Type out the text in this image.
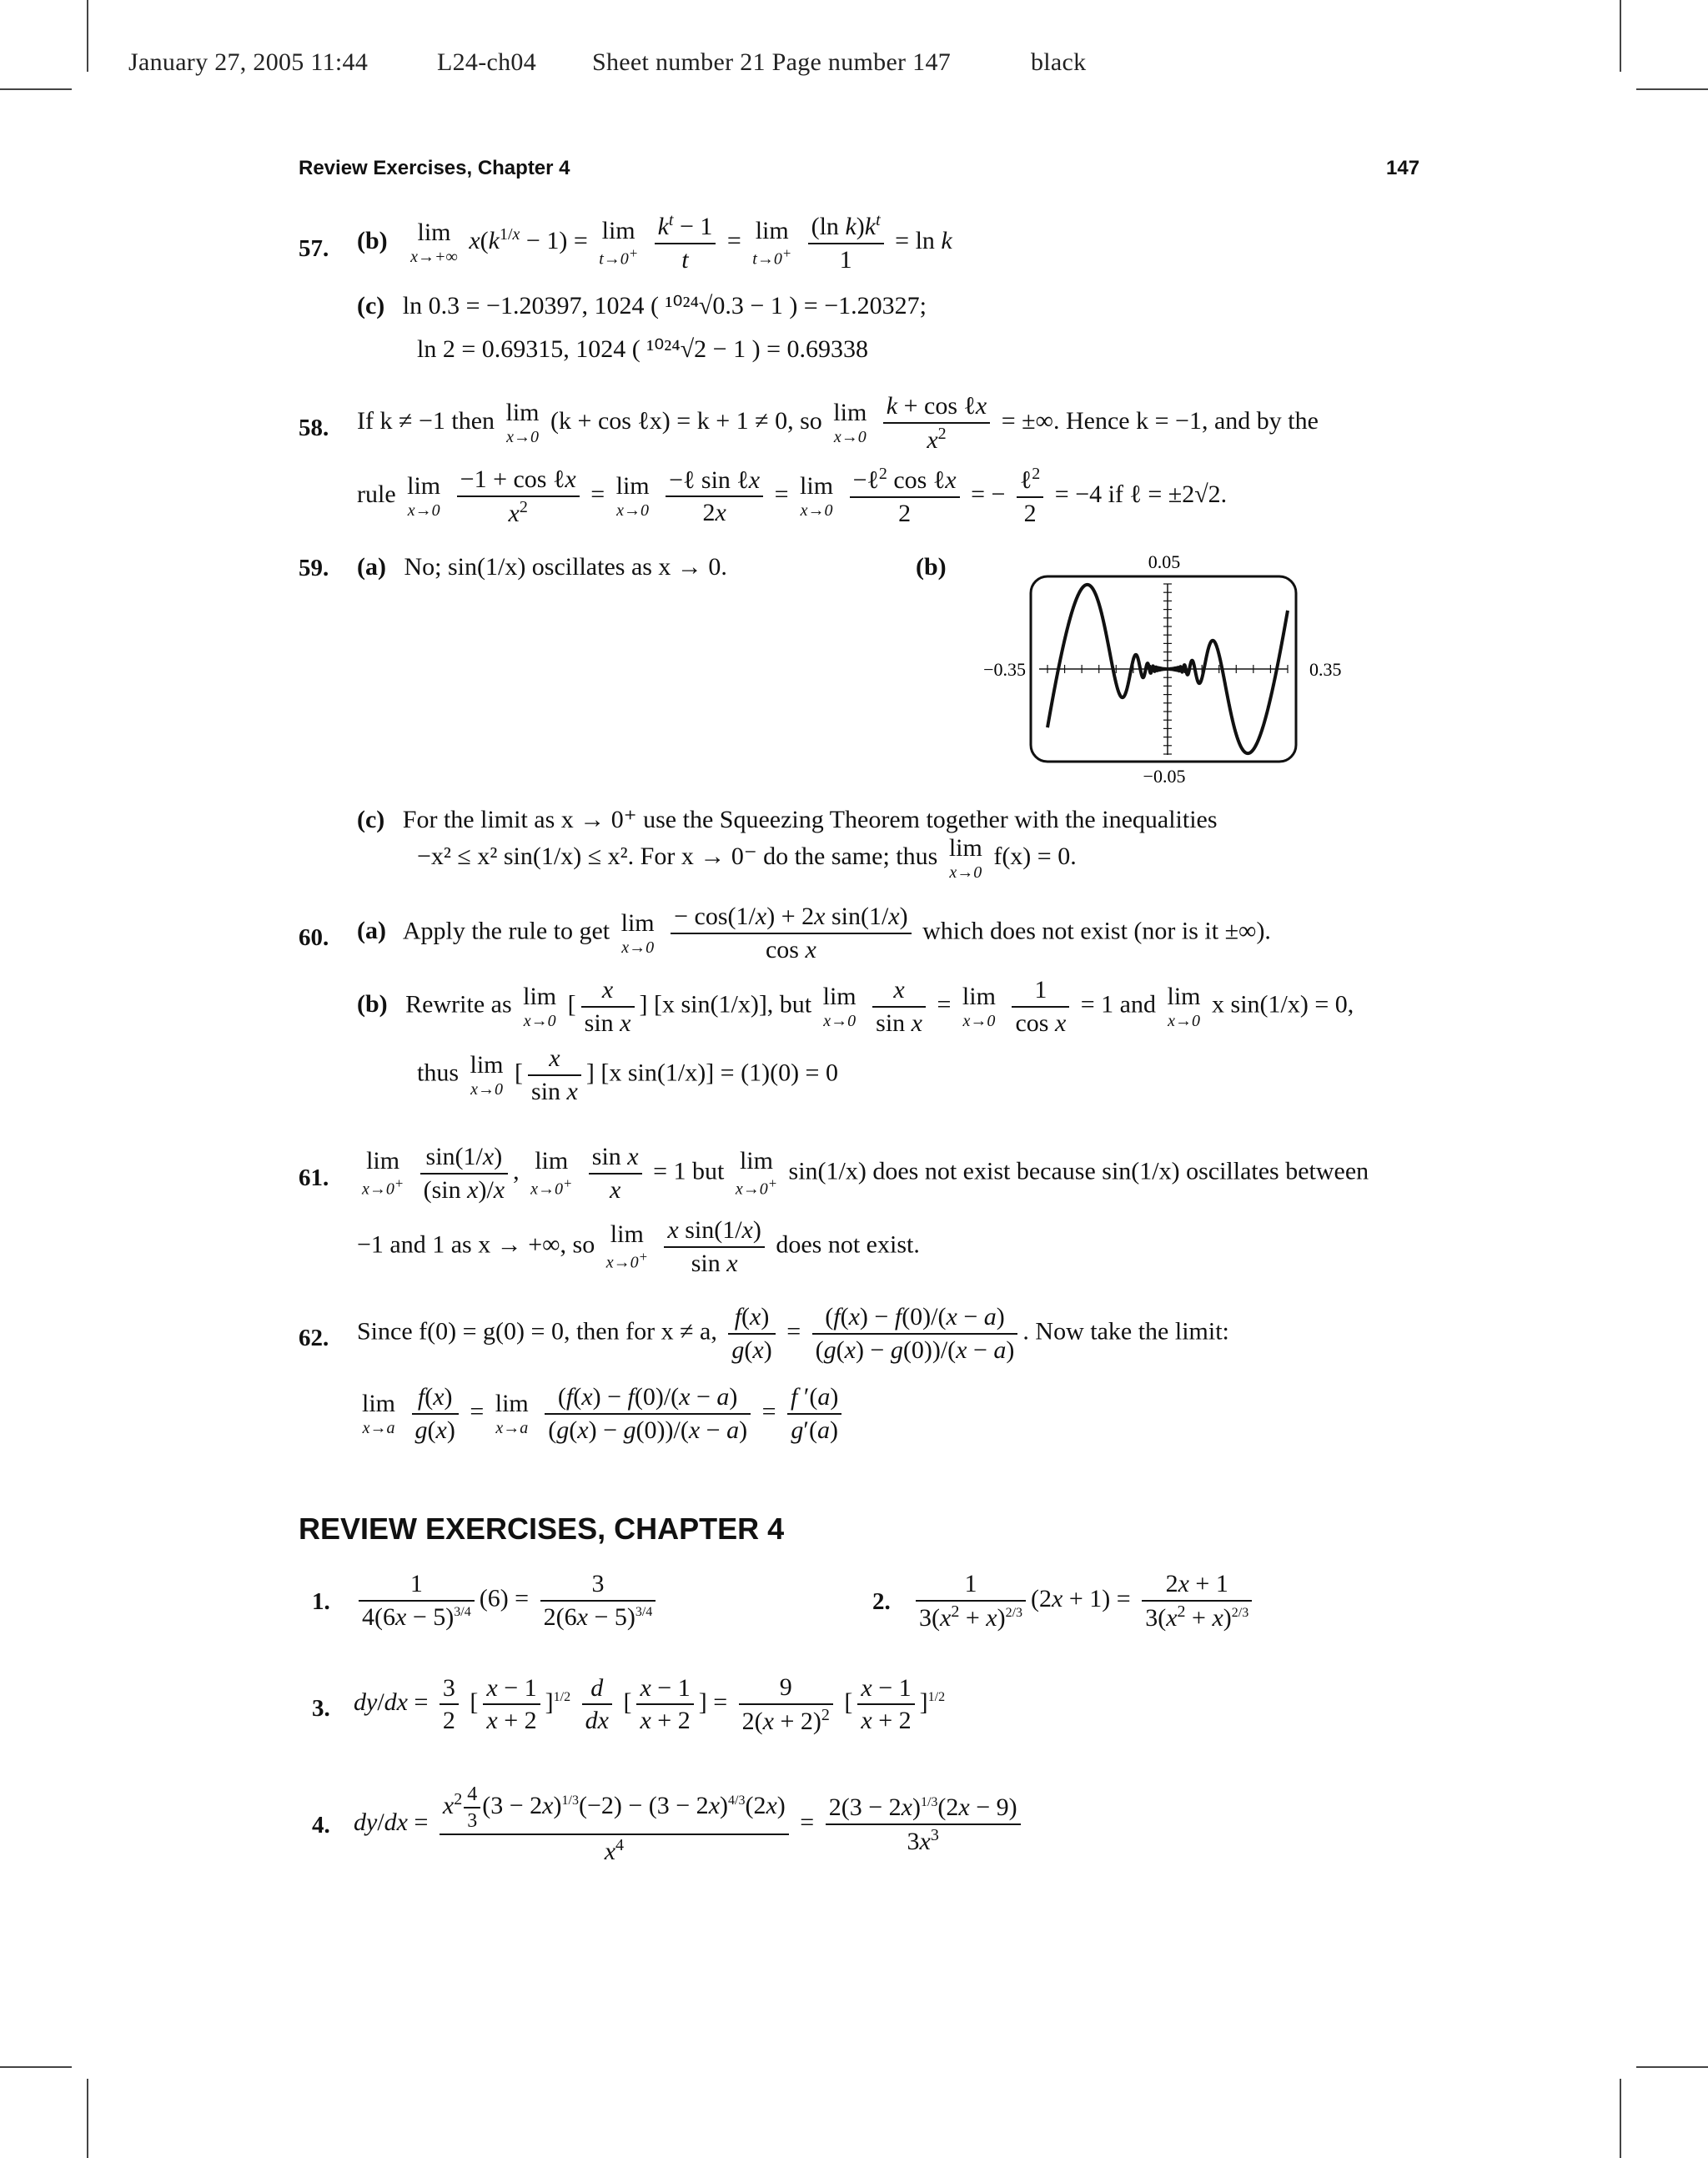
January 27, 2005 11:44	L24-ch04 Sheet number 21 Page number 147	black
Review Exercises, Chapter 4	147
57. (b) lim
x→+∞
$x(k^{1/x} - 1) = \lim$
t→0+
$\frac{k^t - 1}{t} = \lim$
t→0+
$\frac{(\ln k)k^t}{1} = \ln k$
(c) ln 0.3 = −1.20397, 1024 ( ¹⁰²⁴√0.3 − 1 ) = −1.20327;
ln 2 = 0.69315, 1024 ( ¹⁰²⁴√2 − 1 ) = 0.69338
58. If k ≠ −1 then lim
x→0
(k + cos ℓx) = k + 1 ≠ 0, so lim
x→0
$\frac{\text{k + cos ℓx}}{x^2}$ = ±∞. Hence k = −1, and by the
rule lim
x→0
$\frac{\text{−1 + cos ℓx}}{x^2} = \lim$
x→0
$\frac{\text{−ℓ sin ℓx}}{2x} = \lim$
x→0
$\frac{-\ell^2 \cos \ell x}{2}$ = − $\frac{\ell^2}{2} = -4$ if ℓ = ±2√2.
59. (a) No; sin(1/x) oscillates as x → 0.	(b)	0.05
−0.35	0.35
−0.05
(c) For the limit as x → 0⁺ use the Squeezing Theorem together with the inequalities
−x² ≤ x² sin(1/x) ≤ x². For x → 0⁻ do the same; thus lim
x→0
f(x) = 0.
60. (a) Apply the rule to get lim
x→0
$\frac{\text{− cos(1/x) + 2x sin(1/x)}}{\text{cos x}}$ which does not exist (nor is it ±∞).
(b) Rewrite as lim
x→0
[ $\frac{x}{\text{sin x}}$ ] [x sin(1/x)], but lim
x→0
$\frac{x}{\text{sin x}} = \lim$
x→0
$\frac{1}{\text{cos x}} = 1$ and lim
x→0
x sin(1/x) = 0,
thus lim
x→0
[ $\frac{x}{\text{sin x}}$ ] [x sin(1/x)] = (1)(0) = 0
61.
lim
x→0+
$\frac{\sin(1/x)}{\text{(sin x)/x}}$ , lim
x→0+
$\frac{\text{sin x}}{x} = 1$ but lim
x→0+ sin(1/x) does not exist because sin(1/x) oscillates between
−1 and 1 as x → +∞, so lim
x→0+
$\frac{\text{x sin(1/x)}}{\text{sin x}}$ does not exist.
62. Since f(0) = g(0) = 0, then for x ≠ a, $\frac{f(x)}{g(x)} = \frac{(f(x) - f(0)/(x - a)}{(g(x) - g(0))/(x - a)}$ . Now take the limit:
lim
x→a
$\frac{f(x)}{g(x)} = \lim$
x→a
$\frac{(f(x) - f(0)/(x - a)}{(g(x) - g(0))/(x - a)} = \frac{f '(a)}{g'(a)}$
REVIEW EXERCISES, CHAPTER 4
1. $\frac{1}{4(6x - 5)^{3/4}} (6) = \frac{3}{2(6x - 5)^{3/4}}$	2. $\frac{1}{3(x^2 + x)^{2/3}} (2x + 1) = \frac{2x + 1}{3(x^2 + x)^{2/3}}$
3. $dy/dx = \frac{3}{2}$ [ $\frac{x - 1}{x + 2} ]^{1/2} \frac{d}{dx}$ [ $\frac{x - 1}{x + 2}$ ] = $\frac{9}{2(x + 2)^2}$ [ $\frac{x - 1}{x + 2} ]^{1/2}$
4. $dy/dx = \frac{x^2 \frac{4}{3} (3 - 2x)^{1/3}(-2) - (3 - 2x)^{4/3}(2x)}{x^4} = \frac{2(3 - 2x)^{1/3}(2x - 9)}{3x^3}$
